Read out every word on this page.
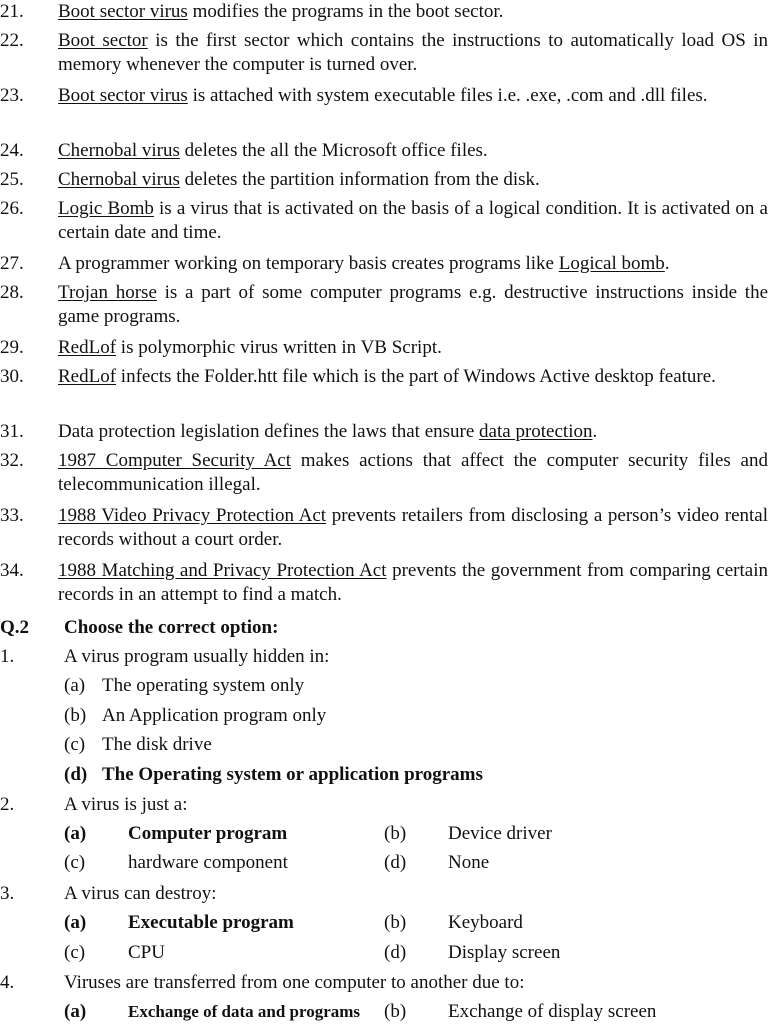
21. Boot sector virus modifies the programs in the boot sector.
22. Boot sector is the first sector which contains the instructions to automatically load OS in memory whenever the computer is turned over.
23. Boot sector virus is attached with system executable files i.e. .exe, .com and .dll files.
24. Chernobal virus deletes the all the Microsoft office files.
25. Chernobal virus deletes the partition information from the disk.
26. Logic Bomb is a virus that is activated on the basis of a logical condition. It is activated on a certain date and time.
27. A programmer working on temporary basis creates programs like Logical bomb.
28. Trojan horse is a part of some computer programs e.g. destructive instructions inside the game programs.
29. RedLof is polymorphic virus written in VB Script.
30. RedLof infects the Folder.htt file which is the part of Windows Active desktop feature.
31. Data protection legislation defines the laws that ensure data protection.
32. 1987 Computer Security Act makes actions that affect the computer security files and telecommunication illegal.
33. 1988 Video Privacy Protection Act prevents retailers from disclosing a person’s video rental records without a court order.
34. 1988 Matching and Privacy Protection Act prevents the government from comparing certain records in an attempt to find a match.
Q.2 Choose the correct option:
1.	A virus program usually hidden in:
(a) The operating system only
(b) An Application program only
(c) The disk drive
(d) The Operating system or application programs
2.	A virus is just a:
(a) Computer program	(b) Device driver
(c) hardware component	(d) None
3.	A virus can destroy:
(a) Executable program	(b) Keyboard
(c) CPU	(d) Display screen
4.	Viruses are transferred from one computer to another due to:
(a) Exchange of data and programs (b) Exchange of display screen
